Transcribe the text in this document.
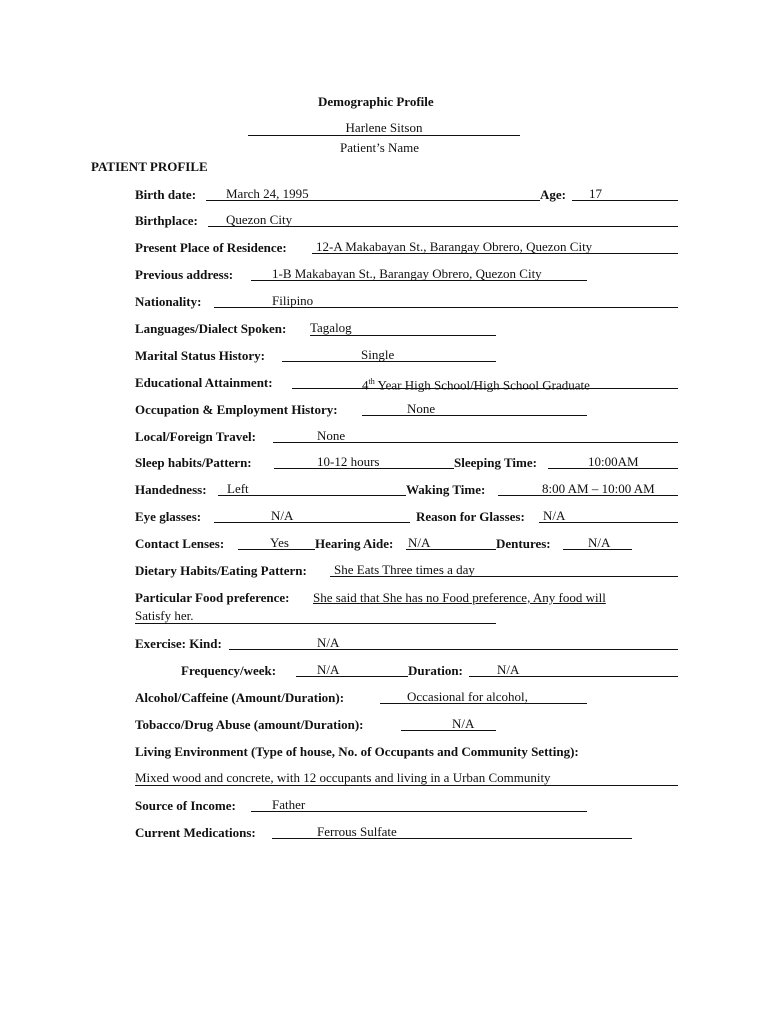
Demographic Profile
Harlene Sitson
Patient’s Name
PATIENT PROFILE
Birth date:	March 24, 1995	Age:	17
Birthplace:	Quezon City
Present Place of Residence:	12-A Makabayan St., Barangay Obrero, Quezon City
Previous address:	1-B Makabayan St., Barangay Obrero, Quezon City
Nationality:	Filipino
Languages/Dialect Spoken: Tagalog
Marital Status History:	Single
Educational Attainment:	4th Year High School/High School Graduate
Occupation & Employment History:	None
Local/Foreign Travel:	None
Sleep habits/Pattern:	10-12 hours	Sleeping Time:	10:00AM
Handedness:	Left	Waking Time:	8:00 AM – 10:00 AM
Eye glasses:	N/A	Reason for Glasses:	N/A
Contact Lenses:	Yes	Hearing Aide: N/A	Dentures:	N/A
Dietary Habits/Eating Pattern:	She Eats Three times a day
Particular Food preference: She said that She has no Food preference, Any food will
Satisfy her.
Exercise: Kind:	N/A
Frequency/week:	N/A	Duration:	N/A
Alcohol/Caffeine (Amount/Duration):	Occasional for alcohol,
Tobacco/Drug Abuse (amount/Duration):	N/A
Living Environment (Type of house, No. of Occupants and Community Setting):
Mixed wood and concrete, with 12 occupants and living in a Urban Community
Source of Income:	Father
Current Medications:	Ferrous Sulfate
